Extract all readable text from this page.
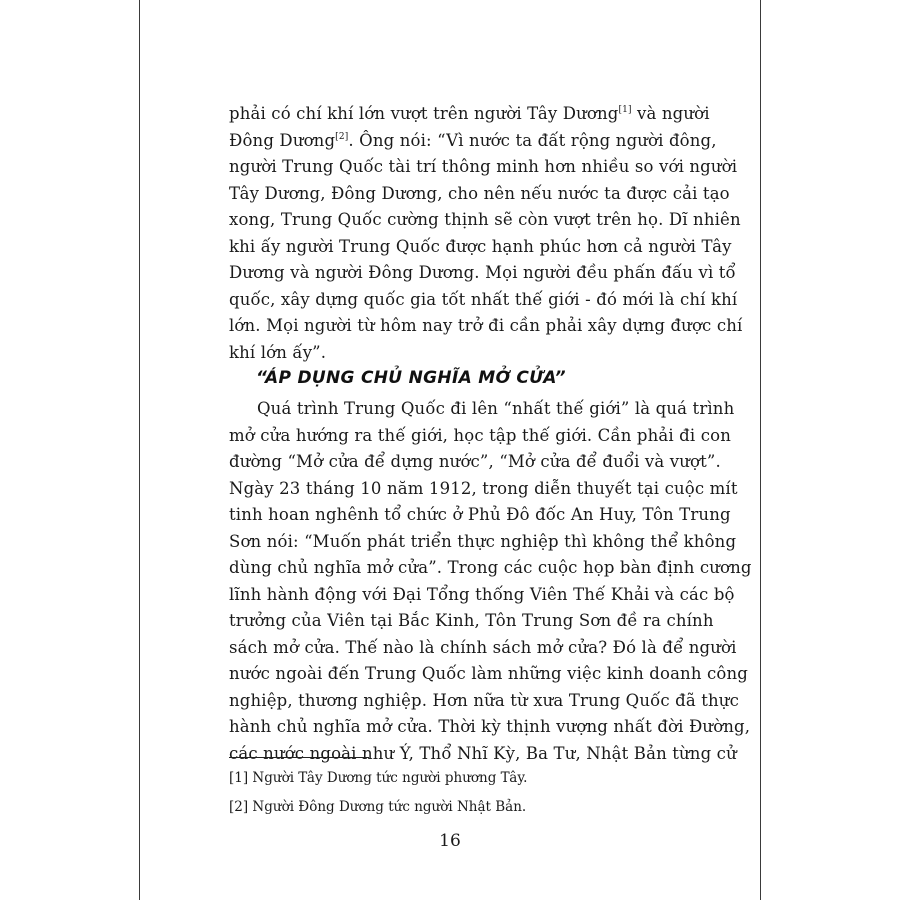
phải có chí khí lớn vượt trên người Tây Dương[1] và người
Đông Dương[2]. Ông nói: “Vì nước ta đất rộng người đông,
người Trung Quốc tài trí thông minh hơn nhiều so với người
Tây Dương, Đông Dương, cho nên nếu nước ta được cải tạo
xong, Trung Quốc cường thịnh sẽ còn vượt trên họ. Dĩ nhiên
khi ấy người Trung Quốc được hạnh phúc hơn cả người Tây
Dương và người Đông Dương. Mọi người đều phấn đấu vì tổ
quốc, xây dựng quốc gia tốt nhất thế giới - đó mới là chí khí
lớn. Mọi người từ hôm nay trở đi cần phải xây dựng được chí
khí lớn ấy”.

“ÁP DỤNG CHỦ NGHĨA MỞ CỬA”

Quá trình Trung Quốc đi lên “nhất thế giới” là quá trình
mở cửa hướng ra thế giới, học tập thế giới. Cần phải đi con
đường “Mở cửa để dựng nước”, “Mở cửa để đuổi và vượt”.
Ngày 23 tháng 10 năm 1912, trong diễn thuyết tại cuộc mít
tinh hoan nghênh tổ chức ở Phủ Đô đốc An Huy, Tôn Trung
Sơn nói: “Muốn phát triển thực nghiệp thì không thể không
dùng chủ nghĩa mở cửa”. Trong các cuộc họp bàn định cương
lĩnh hành động với Đại Tổng thống Viên Thế Khải và các bộ
trưởng của Viên tại Bắc Kinh, Tôn Trung Sơn đề ra chính
sách mở cửa. Thế nào là chính sách mở cửa? Đó là để người
nước ngoài đến Trung Quốc làm những việc kinh doanh công
nghiệp, thương nghiệp. Hơn nữa từ xưa Trung Quốc đã thực
hành chủ nghĩa mở cửa. Thời kỳ thịnh vượng nhất đời Đường,
các nước ngoài như Ý, Thổ Nhĩ Kỳ, Ba Tư, Nhật Bản từng cử

[1] Người Tây Dương tức người phương Tây.
[2] Người Đông Dương tức người Nhật Bản.
16
